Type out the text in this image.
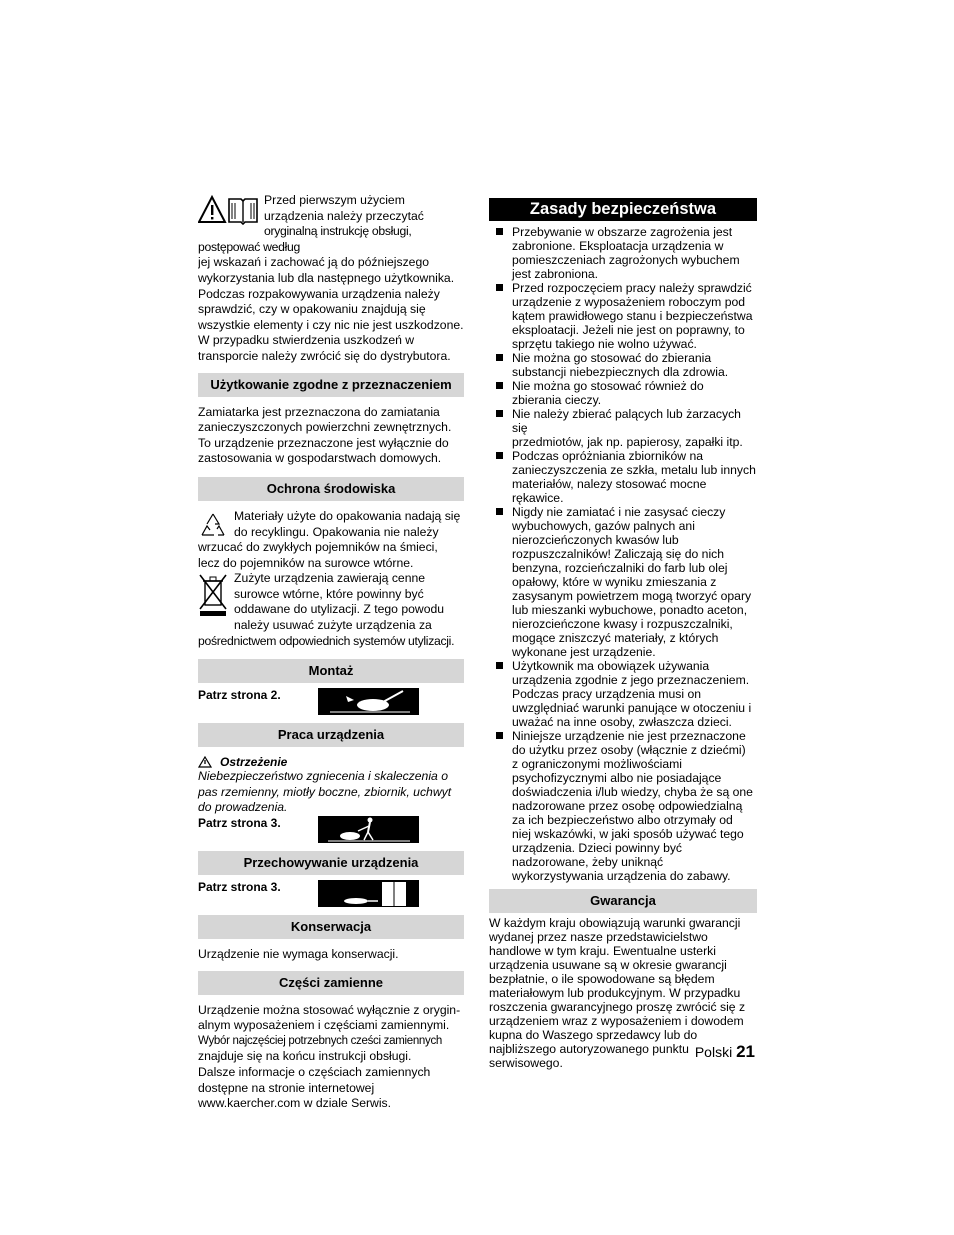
Przed pierwszym użyciem

urządzenia należy przeczytać

oryginalną instrukcję obsługi, postępować według

jej wskazań i zachować ją do późniejszego

wykorzystania lub dla następnego użytkownika.

Podczas rozpakowywania urządzenia należy

sprawdzić, czy w opakowaniu znajdują się

wszystkie elementy i czy nic nie jest uszkodzone.

W przypadku stwierdzenia uszkodzeń w

transporcie należy zwrócić się do dystrybutora.

Użytkowanie zgodne z przeznaczeniem

Zamiatarka jest przeznaczona do zamiatania

zanieczyszczonych powierzchni zewnętrznych.

To urządzenie przeznaczone jest wyłącznie do

zastosowania w gospodarstwach domowych.

Ochrona środowiska

Materiały użyte do opakowania nadają się

do recyklingu. Opakowania nie należy

wrzucać do zwykłych pojemników na śmieci,

lecz do pojemników na surowce wtórne.

Zużyte urządzenia zawierają cenne

surowce wtórne, które powinny być

oddawane do utylizacji. Z tego powodu

należy usuwać zużyte urządzenia za

pośrednictwem odpowiednich systemów utylizacji.

Montaż
Patrz strona 2.
Praca urządzenia
Ostrzeżenie

Niebezpieczeństwo zgniecenia i skaleczenia o

pas rzemienny, miotły boczne, zbiornik, uchwyt

do prowadzenia.

Patrz strona 3.
Przechowywanie urządzenia
Patrz strona 3.
Konserwacja

Urządzenie nie wymaga konserwacji.

Części zamienne

Urządzenie można stosować wyłącznie z orygin-

alnym wyposażeniem i częściami zamiennymi.

Wybór najczęściej potrzebnych cześci zamiennych

znajduje się na końcu instrukcji obsługi.

Dalsze informacje o częściach zamiennych

dostępne na stronie internetowej

www.kaercher.com w dziale Serwis.

Zasady bezpieczeństwa
Przebywanie w obszarze zagrożenia jest
zabronione. Eksploatacja urządzenia w
pomieszczeniach zagrożonych wybuchem
jest zabroniona.
Przed rozpoczęciem pracy należy sprawdzić
urządzenie z wyposażeniem roboczym pod
kątem prawidłowego stanu i bezpieczeństwa
eksploatacji. Jeżeli nie jest on poprawny, to
sprzętu takiego nie wolno używać.
Nie można go stosować do zbierania
substancji niebezpiecznych dla zdrowia.
Nie można go stosować również do
zbierania cieczy.
Nie należy zbierać palących lub żarzacych się
przedmiotów, jak np. papierosy, zapałki itp.
Podczas opróżniania zbiorników na
zanieczyszczenia ze szkła, metalu lub innych
materiałów, nalezy stosować mocne rękawice.
Nigdy nie zamiatać i nie zasysać cieczy
wybuchowych, gazów palnych ani
nierozcieńczonych kwasów lub
rozpuszczalników! Zaliczają się do nich
benzyna, rozcieńczalniki do farb lub olej
opałowy, które w wyniku zmieszania z
zasysanym powietrzem mogą tworzyć opary
lub mieszanki wybuchowe, ponadto aceton,
nierozcieńczone kwasy i rozpuszczalniki,
mogące zniszczyć materiały, z których
wykonane jest urządzenie.
Użytkownik ma obowiązek używania
urządzenia zgodnie z jego przeznaczeniem.
Podczas pracy urządzenia musi on
uwzględniać warunki panujące w otoczeniu i
uważać na inne osoby, zwłaszcza dzieci.
Niniejsze urządzenie nie jest przeznaczone
do użytku przez osoby (włącznie z dziećmi)
z ograniczonymi możliwościami
psychofizycznymi albo nie posiadające
doświadczenia i/lub wiedzy, chyba że są one
nadzorowane przez osobę odpowiedzialną
za ich bezpieczeństwo albo otrzymały od
niej wskazówki, w jaki sposób używać tego
urządzenia. Dzieci powinny być
nadzorowane, żeby uniknąć
wykorzystywania urządzenia do zabawy.
Gwarancja
W każdym kraju obowiązują warunki gwarancji
wydanej przez nasze przedstawicielstwo
handlowe w tym kraju. Ewentualne usterki
urządzenia usuwane są w okresie gwarancji
bezpłatnie, o ile spowodowane są błędem
materiałowym lub produkcyjnym. W przypadku
roszczenia gwarancyjnego proszę zwrócić się z
urządzeniem wraz z wyposażeniem i dowodem
kupna do Waszego sprzedawcy lub do
najbliższego autoryzowanego punktu
serwisowego.
Polski 21
